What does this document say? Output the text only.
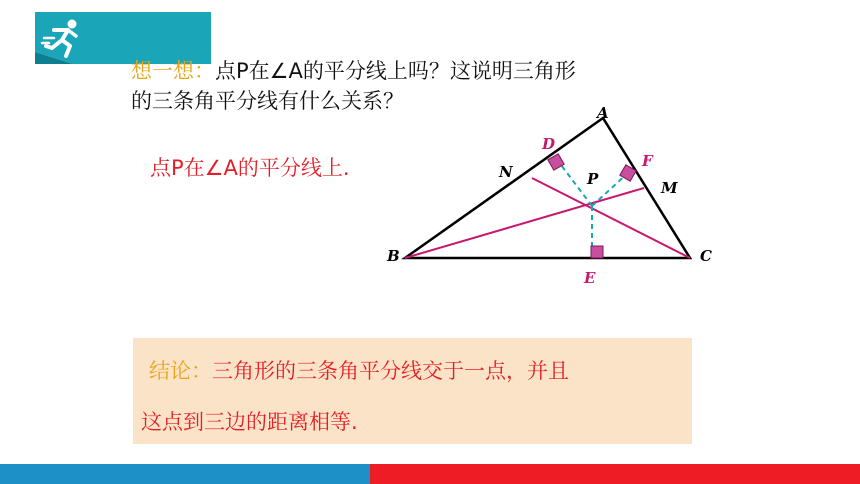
想一想：点P在∠A的平分线上吗？这说明三角形
的三条角平分线有什么关系？
点P在∠A的平分线上.
A
B	C
D
E
F
M
N	P
结论：三角形的三条角平分线交于一点，并且
这点到三边的距离相等.
